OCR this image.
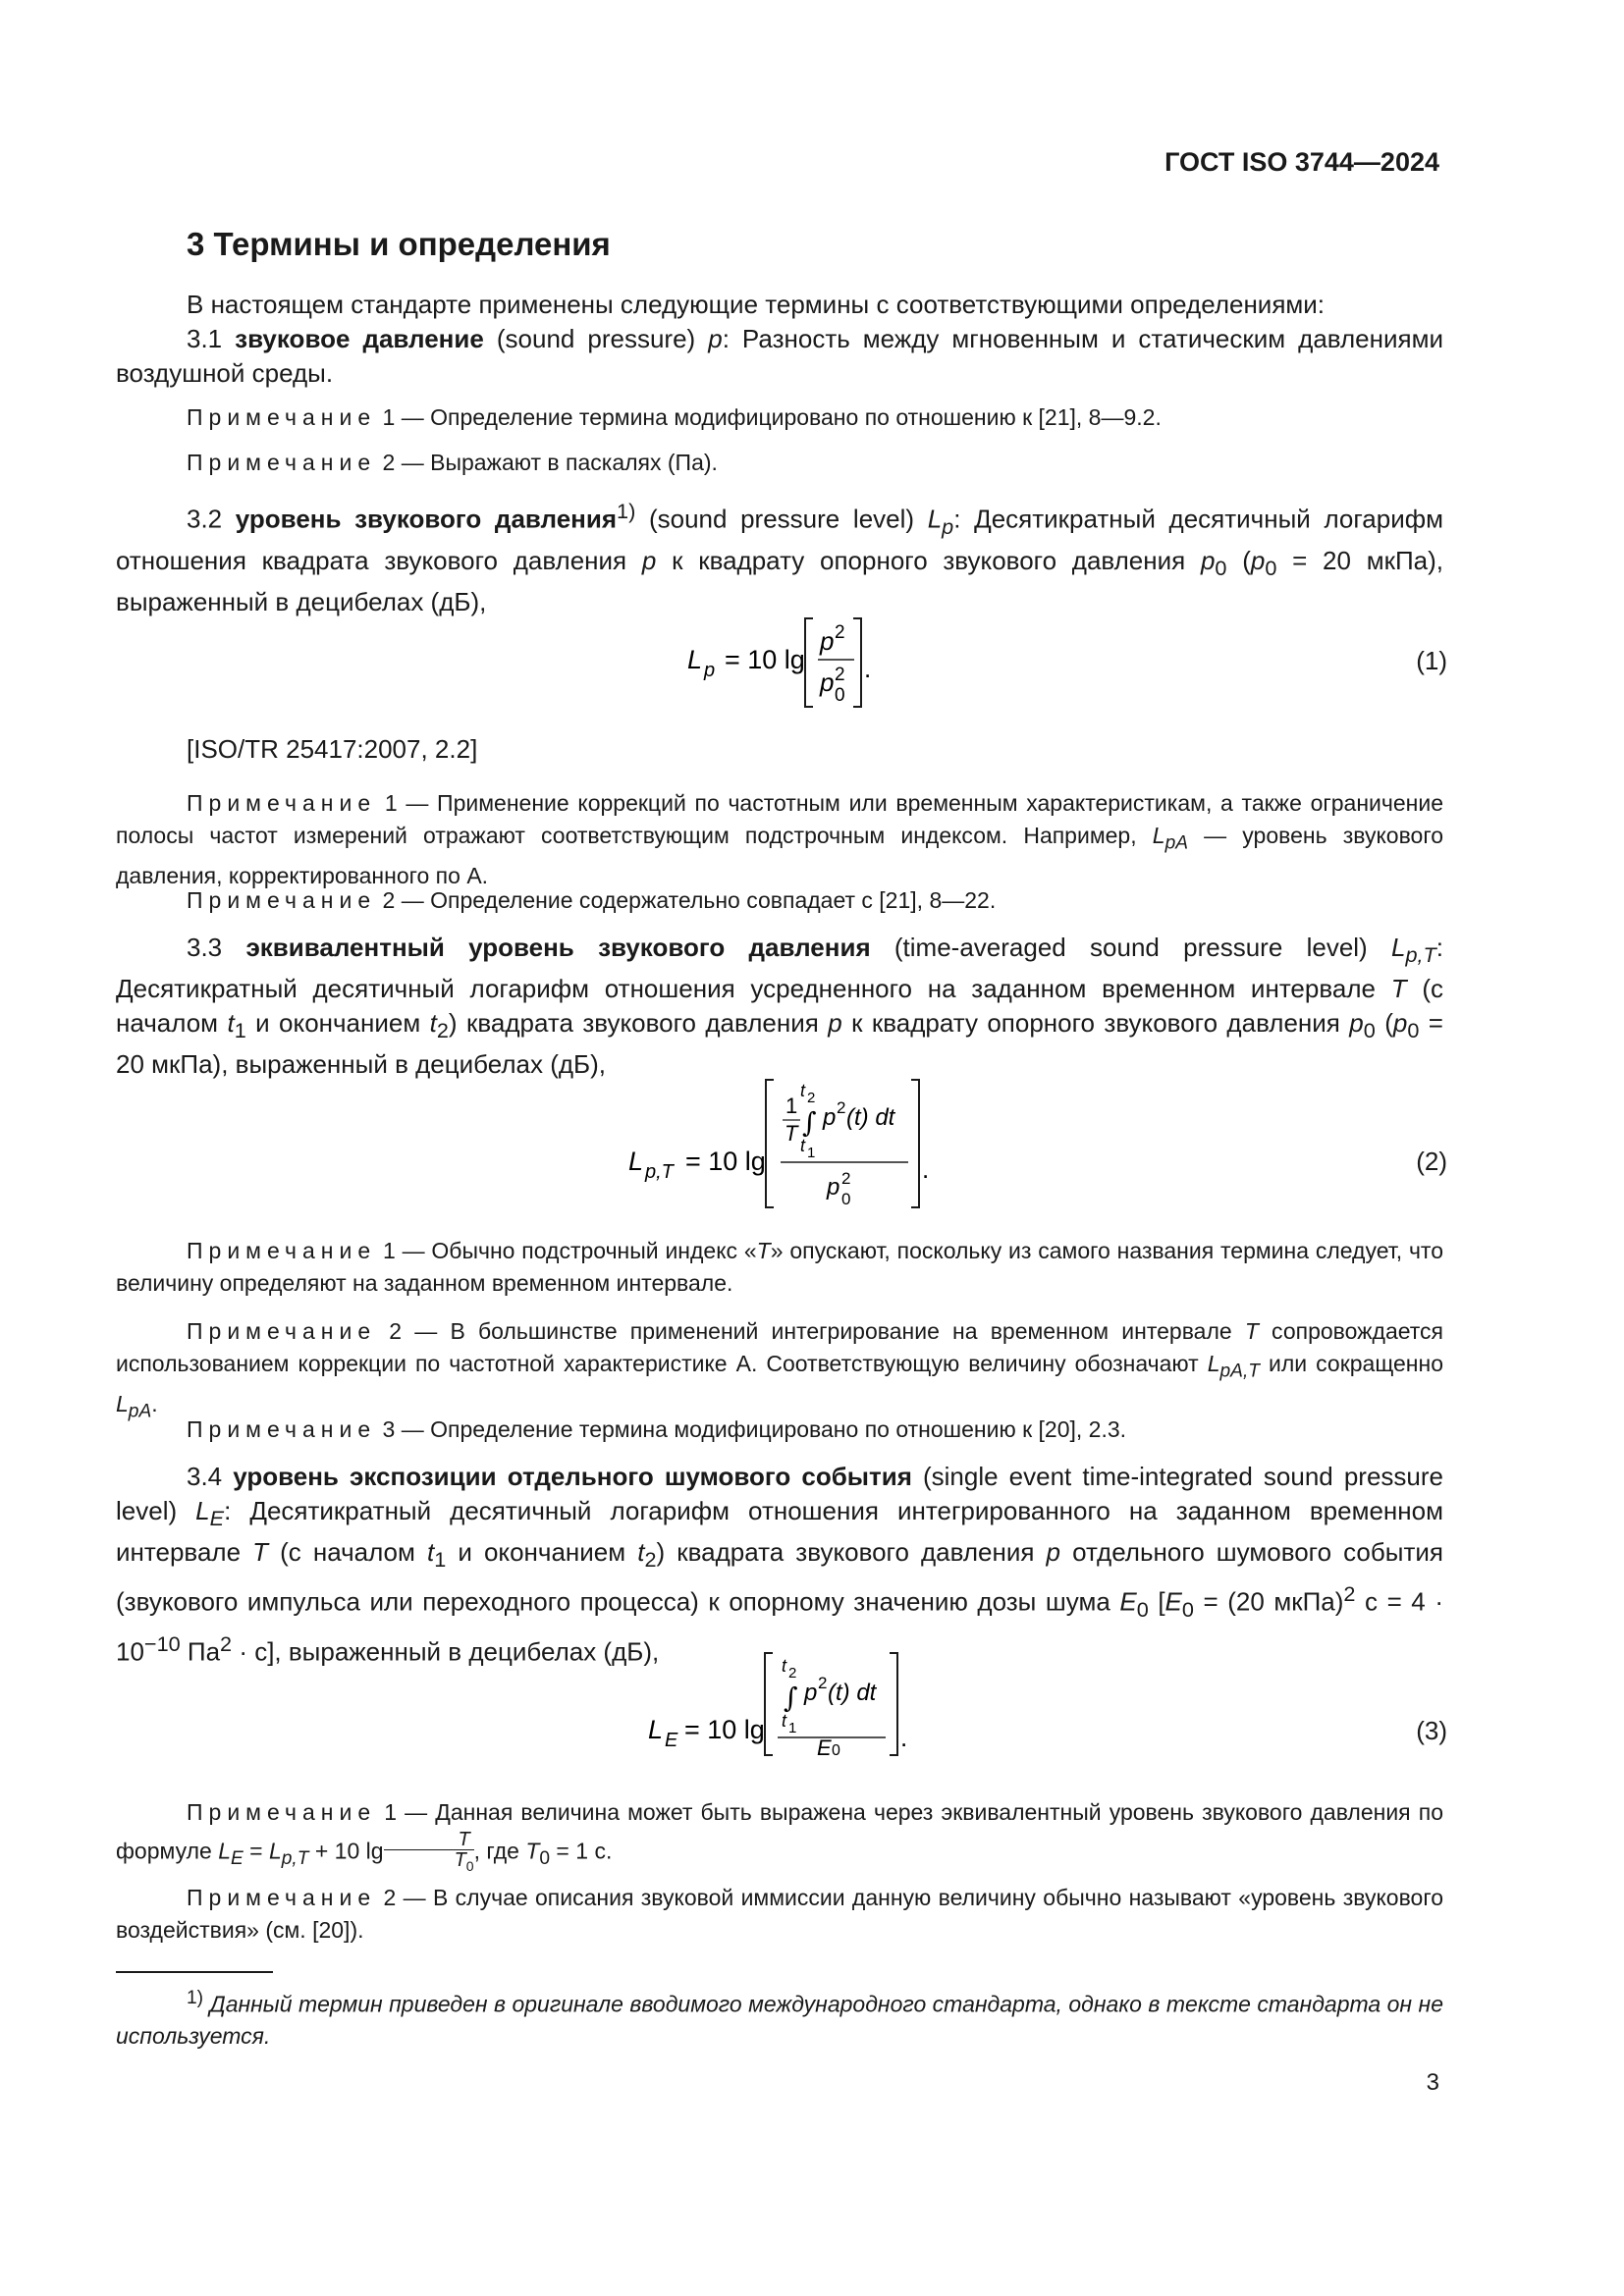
ГОСТ ISO 3744—2024
3 Термины и определения
В настоящем стандарте применены следующие термины с соответствующими определениями:
3.1 звуковое давление (sound pressure) p: Разность между мгновенным и статическим давлениями воздушной среды.
Примечание 1 — Определение термина модифицировано по отношению к [21], 8—9.2.
Примечание 2 — Выражают в паскалях (Па).
3.2 уровень звукового давления$^{1)}$ (sound pressure level) $L_p$: Десятикратный десятичный логарифм отношения квадрата звукового давления p к квадрату опорного звукового давления $p_0$ ($p_0 = 20$ мкПа), выраженный в децибелах (дБ),
L p = 10 lg
p 2
p 0
2 .	(1)
[ISO/TR 25417:2007, 2.2]
Примечание 1 — Применение коррекций по частотным или временным характеристикам, а также ограничение полосы частот измерений отражают соответствующим подстрочным индексом. Например, $L_{pA}$ — уровень звукового давления, корректированного по А.
Примечание 2 — Определение содержательно совпадает с [21], 8—22.
3.3 эквивалентный уровень звукового давления (time-averaged sound pressure level) $L_{p,T}$: Десятикратный десятичный логарифм отношения усредненного на заданном временном интервале T (с началом $t_1$ и окончанием $t_2$) квадрата звукового давления p к квадрату опорного звукового давления $p_0$ ($p_0 = 20$ мкПа), выраженный в децибелах (дБ),
L p,T = 10 lg
1
T
t 2
∫
t 1
p 2 (t) dt
p 0
2	.	(2)
Примечание 1 — Обычно подстрочный индекс «T» опускают, поскольку из самого названия термина следует, что величину определяют на заданном временном интервале.
Примечание 2 — В большинстве применений интегрирование на временном интервале T сопровождается использованием коррекции по частотной характеристике А. Соответствующую величину обозначают $L_{pA,T}$ или сокращенно $L_{pA}$.
Примечание 3 — Определение термина модифицировано по отношению к [20], 2.3.
3.4 уровень экспозиции отдельного шумового события (single event time-integrated sound pressure level) $L_E$: Десятикратный десятичный логарифм отношения интегрированного на заданном временном интервале T (с началом $t_1$ и окончанием $t_2$) квадрата звукового давления p отдельного шумового события (звукового импульса или переходного процесса) к опорному значению дозы шума $E_0$ [$E_0 = (20$ мкПа)$^2$ $с = 4 \cdot 10^{-10}$ $Па^2 \cdot с$], выраженный в децибелах (дБ),
L E = 10 lg
t 2
∫
t 1
p 2 (t) dt
E 0 .	(3)
Примечание 1 — Данная величина может быть выражена через эквивалентный уровень звукового давления по формуле $L_E = L_{p,T} + 10$ $\lg \frac{T}{T_0}$ , где $T_0 = 1$ с.
Примечание 2 — В случае описания звуковой иммиссии данную величину обычно называют «уровень звукового воздействия» (см. [20]).
$^{1)}$ Данный термин приведен в оригинале вводимого международного стандарта, однако в тексте стандарта он не используется.
3
